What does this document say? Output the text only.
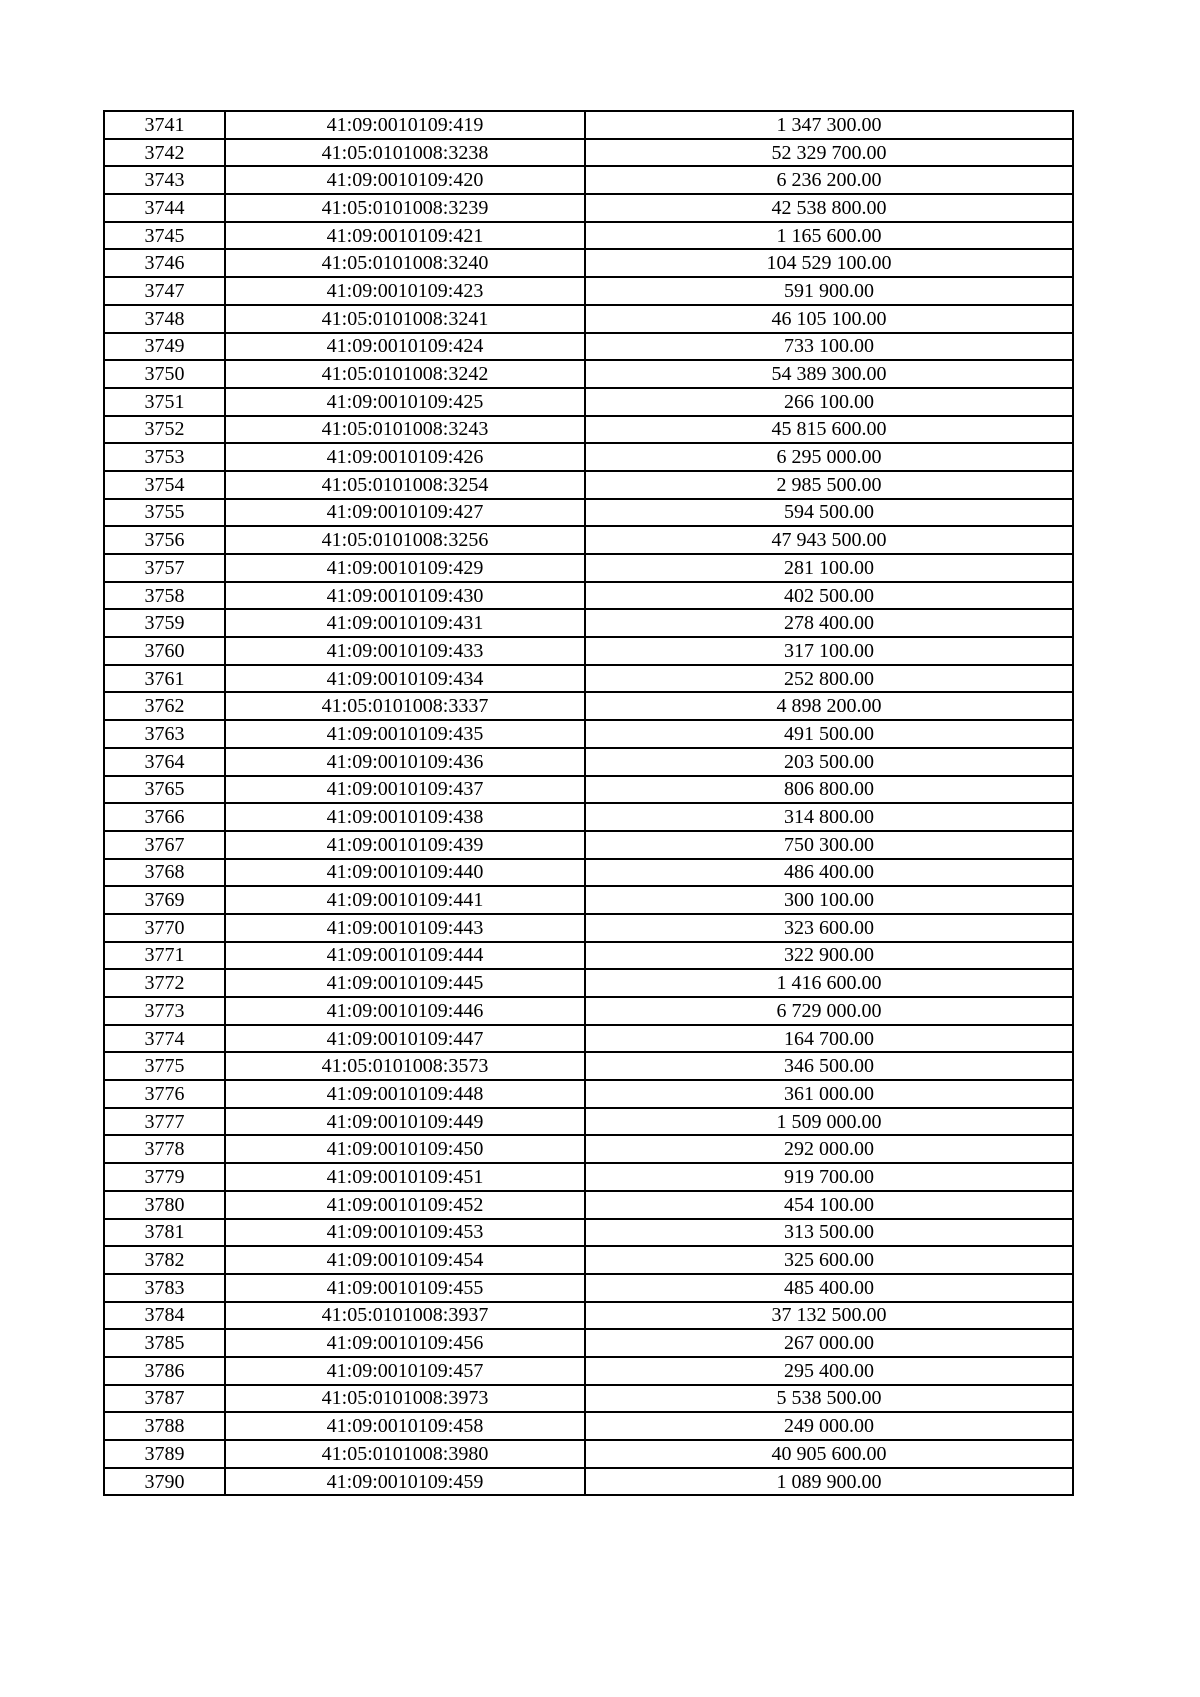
3741	41:09:0010109:419	1 347 300.00
3742	41:05:0101008:3238	52 329 700.00
3743	41:09:0010109:420	6 236 200.00
3744	41:05:0101008:3239	42 538 800.00
3745	41:09:0010109:421	1 165 600.00
3746	41:05:0101008:3240	104 529 100.00
3747	41:09:0010109:423	591 900.00
3748	41:05:0101008:3241	46 105 100.00
3749	41:09:0010109:424	733 100.00
3750	41:05:0101008:3242	54 389 300.00
3751	41:09:0010109:425	266 100.00
3752	41:05:0101008:3243	45 815 600.00
3753	41:09:0010109:426	6 295 000.00
3754	41:05:0101008:3254	2 985 500.00
3755	41:09:0010109:427	594 500.00
3756	41:05:0101008:3256	47 943 500.00
3757	41:09:0010109:429	281 100.00
3758	41:09:0010109:430	402 500.00
3759	41:09:0010109:431	278 400.00
3760	41:09:0010109:433	317 100.00
3761	41:09:0010109:434	252 800.00
3762	41:05:0101008:3337	4 898 200.00
3763	41:09:0010109:435	491 500.00
3764	41:09:0010109:436	203 500.00
3765	41:09:0010109:437	806 800.00
3766	41:09:0010109:438	314 800.00
3767	41:09:0010109:439	750 300.00
3768	41:09:0010109:440	486 400.00
3769	41:09:0010109:441	300 100.00
3770	41:09:0010109:443	323 600.00
3771	41:09:0010109:444	322 900.00
3772	41:09:0010109:445	1 416 600.00
3773	41:09:0010109:446	6 729 000.00
3774	41:09:0010109:447	164 700.00
3775	41:05:0101008:3573	346 500.00
3776	41:09:0010109:448	361 000.00
3777	41:09:0010109:449	1 509 000.00
3778	41:09:0010109:450	292 000.00
3779	41:09:0010109:451	919 700.00
3780	41:09:0010109:452	454 100.00
3781	41:09:0010109:453	313 500.00
3782	41:09:0010109:454	325 600.00
3783	41:09:0010109:455	485 400.00
3784	41:05:0101008:3937	37 132 500.00
3785	41:09:0010109:456	267 000.00
3786	41:09:0010109:457	295 400.00
3787	41:05:0101008:3973	5 538 500.00
3788	41:09:0010109:458	249 000.00
3789	41:05:0101008:3980	40 905 600.00
3790	41:09:0010109:459	1 089 900.00
